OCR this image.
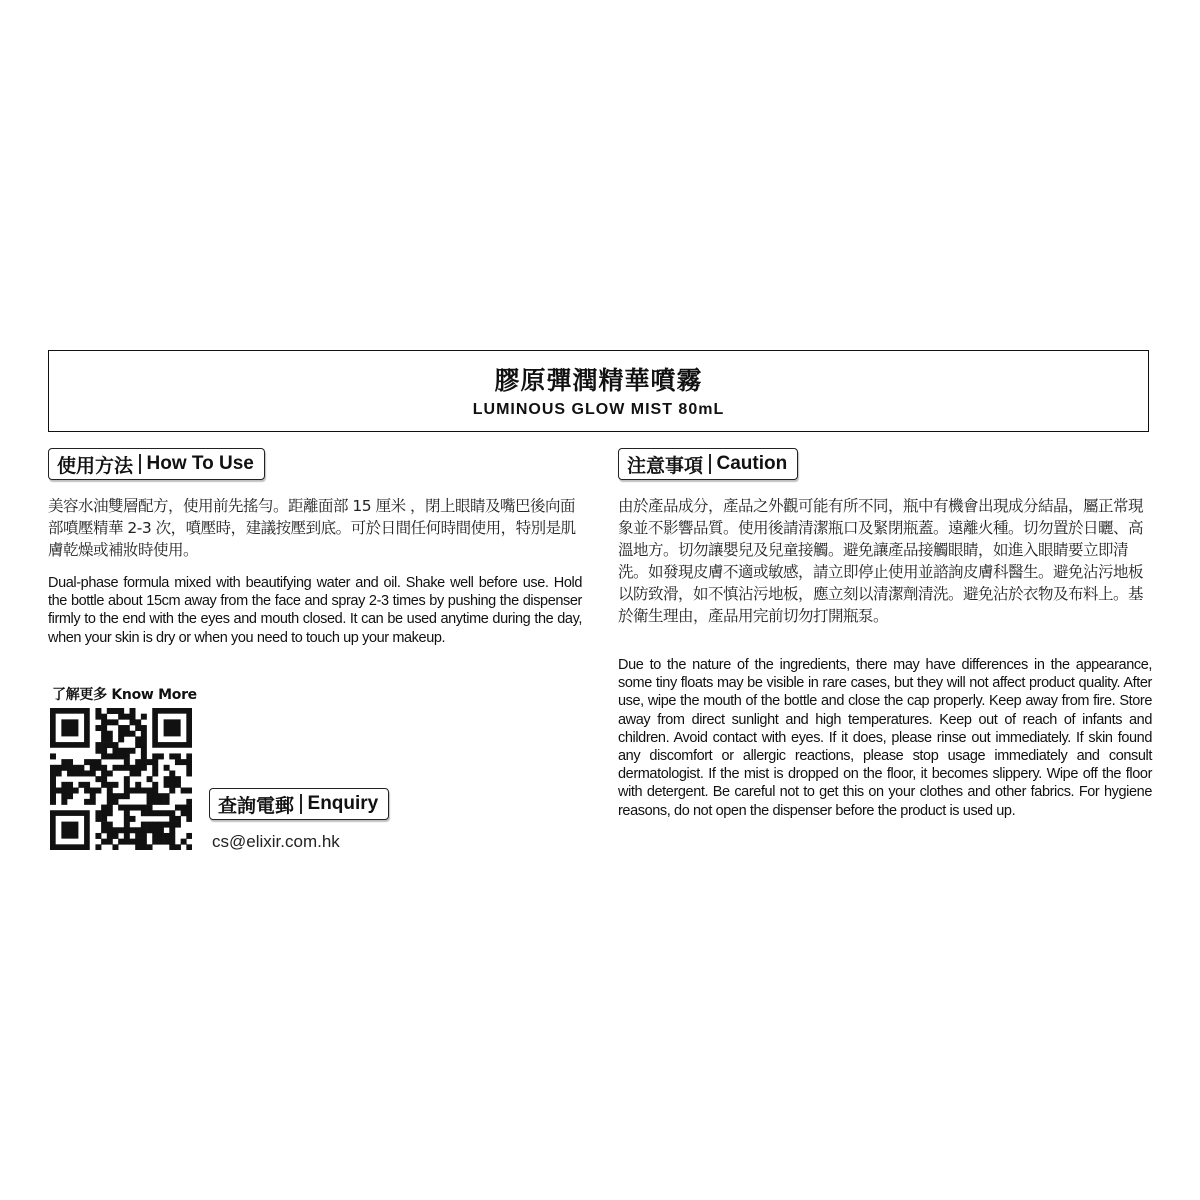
膠原彈潤精華噴霧
LUMINOUS GLOW MIST 80mL
使用方法 How To Use

美容水油雙層配方，使用前先搖勻。距離面部 15 厘米 ，閉上眼睛及嘴巴後向面部噴壓精華 2-3 次，噴壓時，建議按壓到底。可於日間任何時間使用，特別是肌膚乾燥或補妝時使用。

Dual-phase formula mixed with beautifying water and oil. Shake well before use. Hold the bottle about 15cm away from the face and spray 2-3 times by pushing the dispenser firmly to the end with the eyes and mouth closed. It can be used anytime during the day, when your skin is dry or when you need to touch up your makeup.

了解更多 Know More
查詢電郵 Enquiry
cs@elixir.com.hk
注意事項 Caution

由於產品成分，產品之外觀可能有所不同，瓶中有機會出現成分結晶，屬正常現象並不影響品質。使用後請清潔瓶口及緊閉瓶蓋。遠離火種。切勿置於日曬、高溫地方。切勿讓嬰兒及兒童接觸。避免讓產品接觸眼睛，如進入眼睛要立即清洗。如發現皮膚不適或敏感，請立即停止使用並諮詢皮膚科醫生。避免沾污地板以防致滑，如不慎沾污地板，應立刻以清潔劑清洗。避免沾於衣物及布料上。基於衛生理由，產品用完前切勿打開瓶泵。

Due to the nature of the ingredients, there may have differences in the appearance, some tiny floats may be visible in rare cases, but they will not affect product quality. After use, wipe the mouth of the bottle and close the cap properly. Keep away from fire. Store away from direct sunlight and high temperatures. Keep out of reach of infants and children. Avoid contact with eyes. If it does, please rinse out immediately. If skin found any discomfort or allergic reactions, please stop usage immediately and consult dermatologist. If the mist is dropped on the floor, it becomes slippery. Wipe off the floor with detergent. Be careful not to get this on your clothes and other fabrics. For hygiene reasons, do not open the dispenser before the product is used up.
